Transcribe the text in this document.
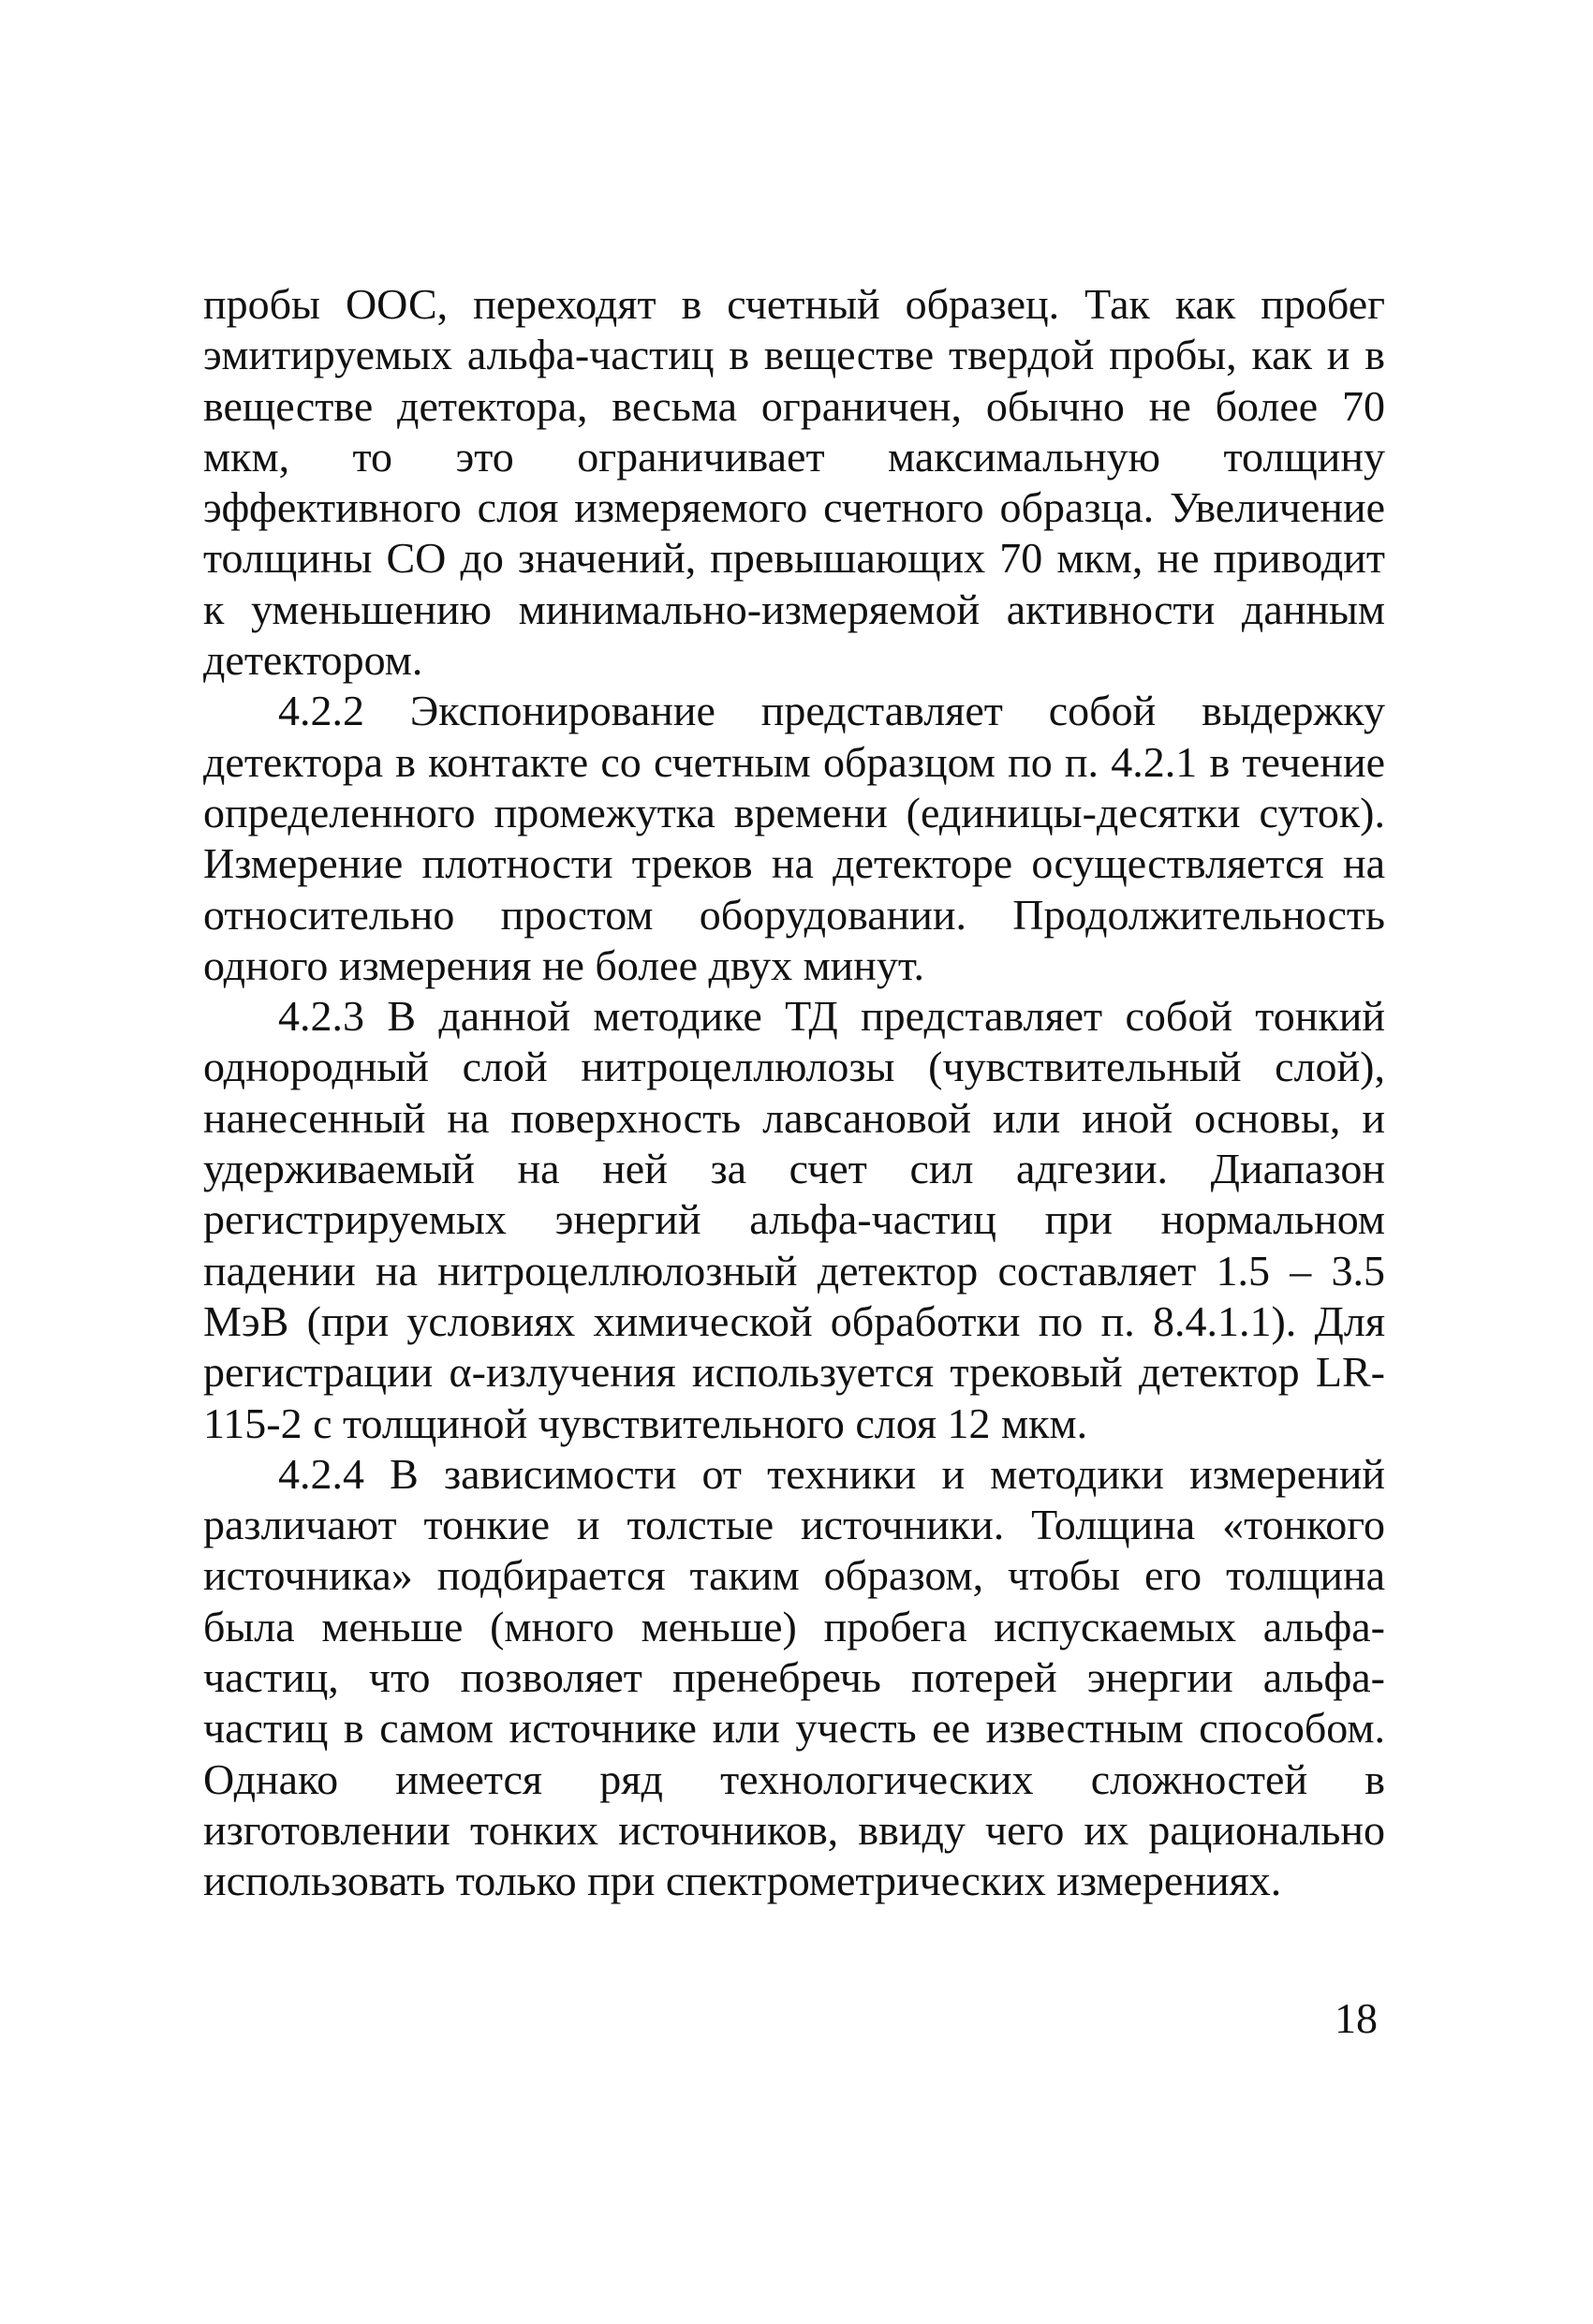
пробы ООС, переходят в счетный образец. Так как пробег эмитируемых альфа-частиц в веществе твердой пробы, как и в веществе детектора, весьма ограничен, обычно не более 70 мкм, то это ограничивает максимальную толщину эффективного слоя измеряемого счетного образца. Увеличение толщины СО до значений, превышающих 70 мкм, не приводит к уменьшению минимально-измеряемой активности данным детектором.

4.2.2 Экспонирование представляет собой выдержку детектора в контакте со счетным образцом по п. 4.2.1 в течение определенного промежутка времени (единицы-десятки суток). Измерение плотности треков на детекторе осуществляется на относительно простом оборудовании. Продолжительность одного измерения не более двух минут.

4.2.3 В данной методике ТД представляет собой тонкий однородный слой нитроцеллюлозы (чувствительный слой), нанесенный на поверхность лавсановой или иной основы, и удерживаемый на ней за счет сил адгезии. Диапазон регистрируемых энергий альфа-частиц при нормальном падении на нитроцеллюлозный детектор составляет 1.5 – 3.5 МэВ (при условиях химической обработки по п. 8.4.1.1). Для регистрации α-излучения используется трековый детектор LR-115-2 с толщиной чувствительного слоя 12 мкм.

4.2.4 В зависимости от техники и методики измерений различают тонкие и толстые источники. Толщина «тонкого источника» подбирается таким образом, чтобы его толщина была меньше (много меньше) пробега испускаемых альфа-частиц, что позволяет пренебречь потерей энергии альфа-частиц в самом источнике или учесть ее известным способом. Однако имеется ряд технологических сложностей в изготовлении тонких источников, ввиду чего их рационально использовать только при спектрометрических измерениях.

18
